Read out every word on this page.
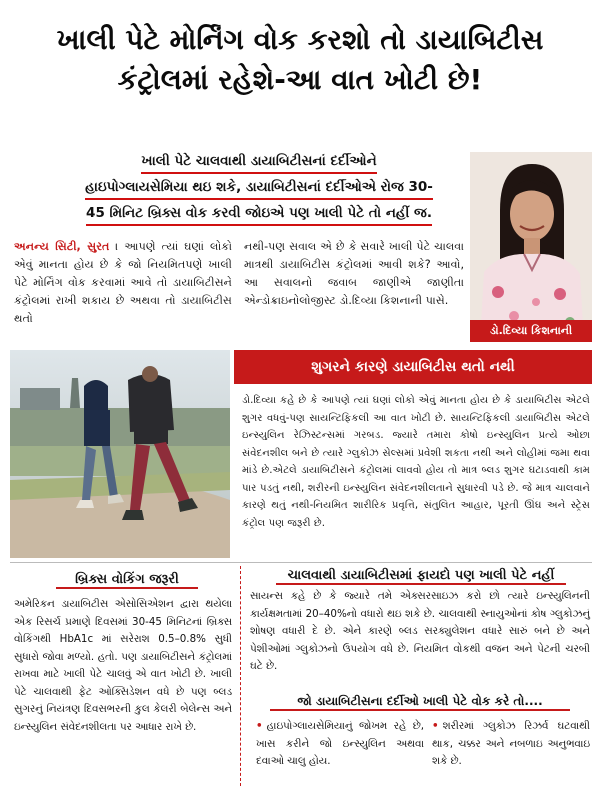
ખાલી પેટે મોર્નિંગ વોક કરશો તો ડાયાબિટીસ
કંટ્રોલમાં રહેશે-આ વાત ખોટી છે!

ખાલી પેટે ચાલવાથી ડાયાબિટીસનાં દર્દીઓને

હાઇપોગ્લાયસેમિયા થઇ શકે, ડાયાબિટીસનાં દર્દીઓએ રોજ 30-

45 મિનિટ બ્રિક્સ વોક કરવી જોઇએ પણ ખાલી પેટે તો નહીં જ.

ડો.દિવ્યા કિશનાની
અનન્ય સિટી, સુરત । આપણે ત્યાં ઘણાં લોકો એવું માનતા હોય છે કે જો નિયમિતપણે ખાલી પેટે મોર્નિંગ વોક કરવામાં આવે તો ડાયાબિટીસને કંટ્રોલમાં રાખી શકાય છે અથવા તો ડાયાબિટીસ થતો
નથી-પણ સવાલ એ છે કે સવારે ખાલી પેટે ચાલવા માત્રથી ડાયાબિટીસ કંટ્રોલમાં આવી શકે? આવો, આ સવાલનો જવાબ જાણીએ જાણીતા એન્ડોક્રાઇનોલોજીસ્ટ ડો.દિવ્યા કિશનાની પાસે.
શુગરને કારણે ડાયાબિટીસ થતો નથી
ડો.દિવ્યા કહે છે કે આપણે ત્યાં ઘણાં લોકો એવું માનતા હોય છે કે ડાયાબિટીસ એટલે શુગર વધવું-પણ સાયન્ટિફિકલી આ વાત ખોટી છે. સાયન્ટિફિકલી ડાયાબિટીસ એટલે ઇન્સ્યુલિન રેઝિસ્ટન્સમાં ગરબડ. જ્યારે તમારા કોષો ઇન્સ્યુલિન પ્રત્યે ઓછા સંવેદનશીલ બને છે ત્યારે ગ્લુકોઝ સેલ્સમાં પ્રવેશી શકતા નથી અને લોહીમાં જમા થવા માંડે છે.એટલે ડાયાબિટીસને કંટ્રોલમાં લાવવો હોય તો માત્ર બ્લડ શુગર ઘટાડવાથી કામ પાર પડતું નથી, શરીરની ઇન્સ્યુલિન સંવેદનશીલતાને સુધારવી પડે છે. જે માત્ર ચાલવાને કારણે થતું નથી-નિયમિત શારીરિક પ્રવૃત્તિ, સંતુલિત આહાર, પૂરતી ઊંઘ અને સ્ટ્રેસ કંટ્રોલ પણ જરૂરી છે.
બ્રિક્સ વોકિંગ જરૂરી
અમેરિકન ડાયાબિટીસ એસોસિએશન દ્વારા થયેલા એક રિસર્ચ પ્રમાણે દિવસમાં 30-45 મિનિટનાં બ્રિક્સ વોકિંગથી HbA1c માં સરેરાશ 0.5–0.8% સુધી સુધારો જોવા મળ્યો. હતો. પણ ડાયાબિટીસને કંટ્રોલમાં રાખવા માટે ખાલી પેટે ચાલવું એ વાત ખોટી છે. ખાલી પેટે ચાલવાથી ફેટ ઓક્સિડેશન વધે છે પણ બ્લડ સુગરનું નિયંત્રણ દિવસભરની કુલ કેલરી બેલેન્સ અને ઇન્સ્યુલિન સંવેદનશીલતા પર આધાર રાખે છે.
ચાલવાથી ડાયાબિટીસમાં ફાયદો પણ ખાલી પેટે નહીં
સાયન્સ કહે છે કે જ્યારે તમે એક્સરસાઇઝ કરો છો ત્યારે ઇન્સ્યુલિનની કાર્યક્ષમતામાં 20–40%નો વધારો થઇ શકે છે. ચાલવાથી સ્નાયુઓનાં કોષ ગ્લુકોઝનું શોષણ વધારી દે છે. એને કારણે બ્લડ સરક્યુલેશન વધારે સારું બને છે અને પેશીઓમાં ગ્લુકોઝનો ઉપયોગ વધે છે. નિયમિત વોકથી વજન અને પેટની ચરબી ઘટે છે.
જો ડાયાબિટીસના દર્દીઓ ખાલી પેટે વોક કરે તો....
• હાઇપોગ્લાયસેમિયાનું જોખમ રહે છે, ખાસ કરીને જો ઇન્સ્યુલિન અથવા દવાઓ ચાલુ હોય.
• શરીરમાં ગ્લુકોઝ રિઝર્વ ઘટવાથી થાક, ચક્કર અને નબળાઇ અનુભવાઇ શકે છે.
